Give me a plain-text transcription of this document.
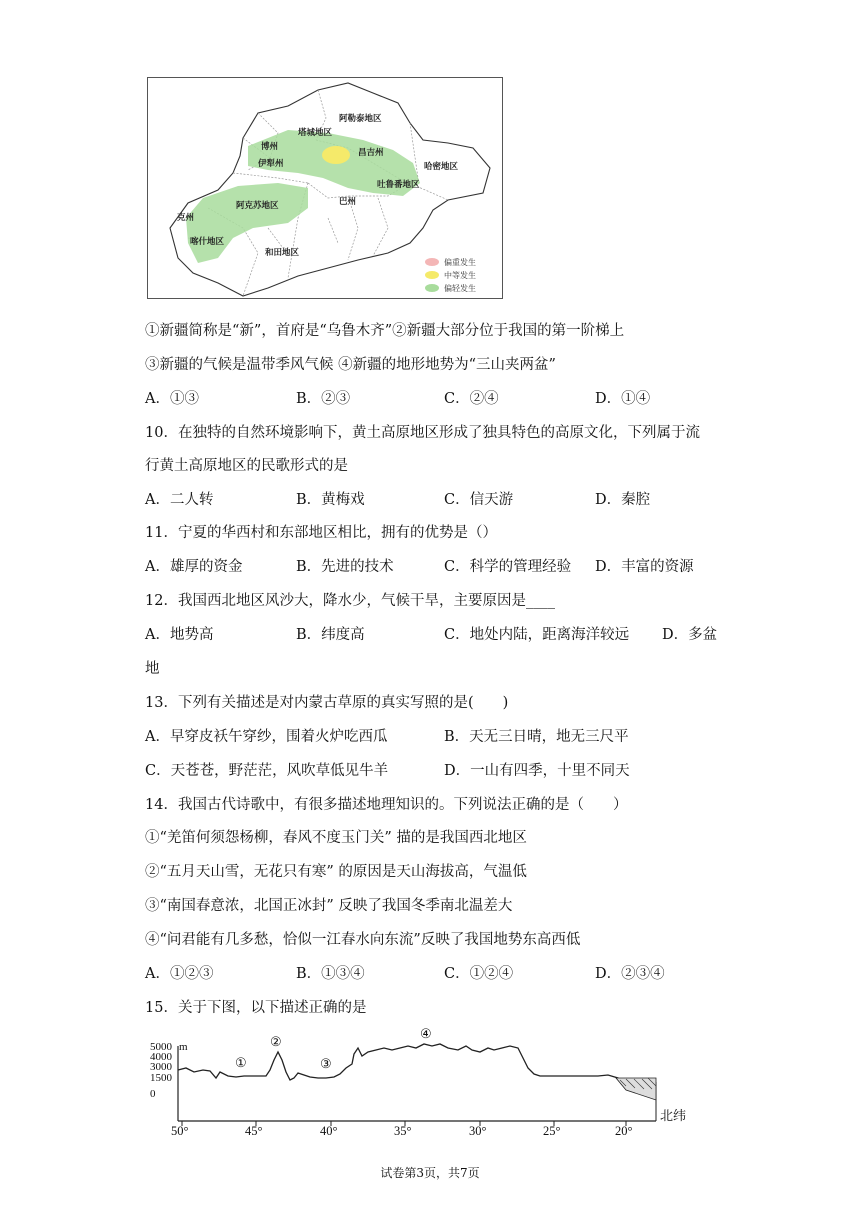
阿勒泰地区
塔城地区
博州
伊犁州
昌吉州
哈密地区
吐鲁番地区
阿克苏地区	巴州
克州
喀什地区
和田地区
偏重发生
中等发生
偏轻发生
①新疆简称是“新”，首府是“乌鲁木齐”②新疆大部分位于我国的第一阶梯上
③新疆的气候是温带季风气候 ④新疆的地形地势为“三山夹两盆”
A．①③	B．②③	C．②④	D．①④
10．在独特的自然环境影响下，黄土高原地区形成了独具特色的高原文化，下列属于流
行黄土高原地区的民歌形式的是
A．二人转	B．黄梅戏	C．信天游	D．秦腔
11．宁夏的华西村和东部地区相比，拥有的优势是（）
A．雄厚的资金	B．先进的技术	C．科学的管理经验 D．丰富的资源
12．我国西北地区风沙大，降水少，气候干旱，主要原因是____
A．地势高	B．纬度高	C．地处内陆，距离海洋较远 D．多盆
地
13．下列有关描述是对内蒙古草原的真实写照的是(　　)
A．早穿皮袄午穿纱，围着火炉吃西瓜	B．天无三日晴，地无三尺平
C．天苍苍，野茫茫，风吹草低见牛羊	D．一山有四季，十里不同天
14．我国古代诗歌中，有很多描述地理知识的。下列说法正确的是（　　）
①“羌笛何须怨杨柳，春风不度玉门关” 描的是我国西北地区
②“五月天山雪，无花只有寒” 的原因是天山海拔高，气温低
③“南国春意浓，北国正冰封” 反映了我国冬季南北温差大
④“问君能有几多愁，恰似一江春水向东流”反映了我国地势东高西低
A．①②③	B．①③④	C．①②④	D．②③④
15．关于下图，以下描述正确的是
5000 m
4000
3000
1500
0
①
②
③
④
北纬
50°	45°	40°	35°	30°	25°	20°
试卷第3页，共7页
